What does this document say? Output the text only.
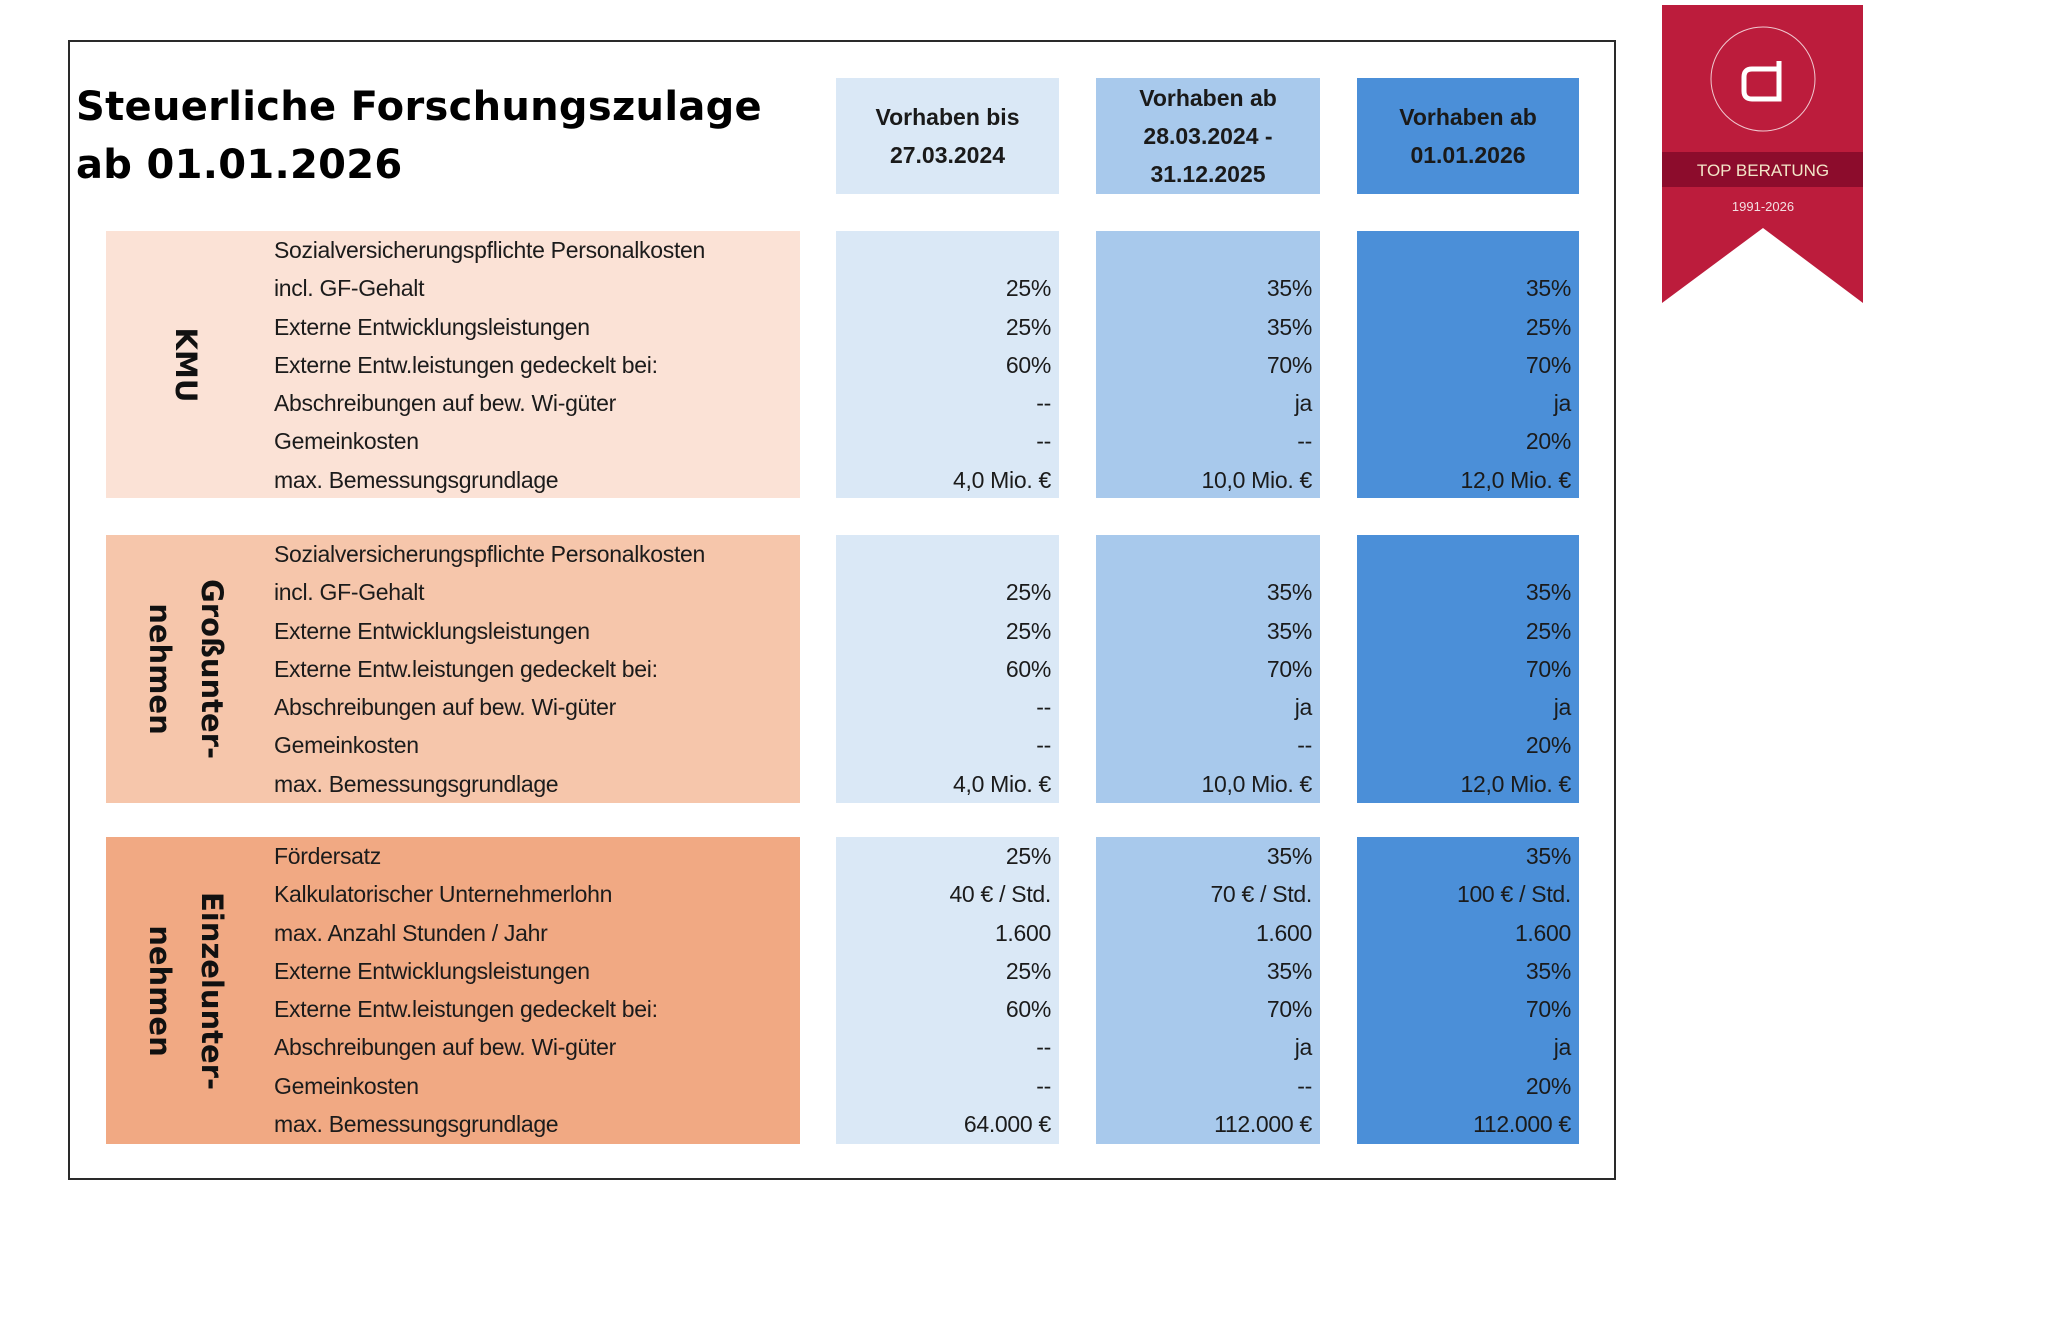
Steuerliche Forschungszulage
ab 01.01.2026
Vorhaben bis
27.03.2024
Vorhaben ab
28.03.2024 -
31.12.2025
Vorhaben ab
01.01.2026
KMU
Sozialversicherungspflichte Personalkosten
incl. GF-Gehalt
Externe Entwicklungsleistungen
Externe Entw.leistungen gedeckelt bei:
Abschreibungen auf bew. Wi-güter
Gemeinkosten
max. Bemessungsgrundlage
25%
25%
60%
--
--
4,0 Mio. €
35%
35%
70%
ja
--
10,0 Mio. €
35%
25%
70%
ja
20%
12,0 Mio. €
Großunter-
nehmen
Sozialversicherungspflichte Personalkosten
incl. GF-Gehalt
Externe Entwicklungsleistungen
Externe Entw.leistungen gedeckelt bei:
Abschreibungen auf bew. Wi-güter
Gemeinkosten
max. Bemessungsgrundlage
25%
25%
60%
--
--
4,0 Mio. €
35%
35%
70%
ja
--
10,0 Mio. €
35%
25%
70%
ja
20%
12,0 Mio. €
Einzelunter-
nehmen
Fördersatz
Kalkulatorischer Unternehmerlohn
max. Anzahl Stunden / Jahr
Externe Entwicklungsleistungen
Externe Entw.leistungen gedeckelt bei:
Abschreibungen auf bew. Wi-güter
Gemeinkosten
max. Bemessungsgrundlage
25%
40 € / Std.
1.600
25%
60%
--
--
64.000 €
35%
70 € / Std.
1.600
35%
70%
ja
--
112.000 €
35%
100 € / Std.
1.600
35%
70%
ja
20%
112.000 €
TOP BERATUNG
1991-2026
